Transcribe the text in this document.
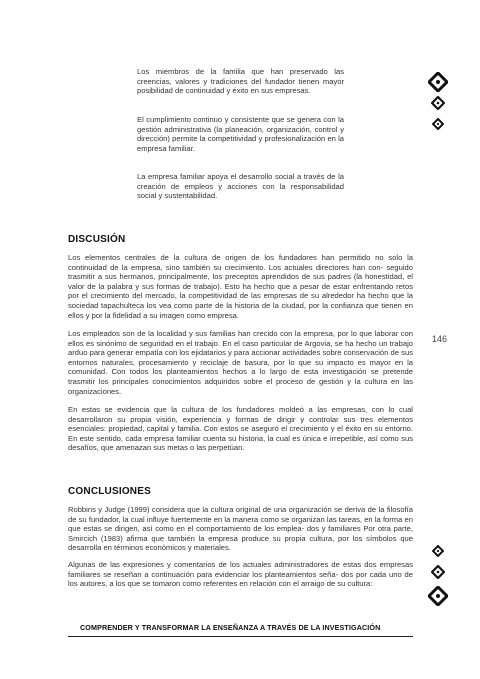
Los miembros de la familia que han preservado las creencias, valores y tradiciones del fundador tienen mayor posibilidad de continuidad y éxito en sus empresas.

El cumplimiento continuo y consistente que se genera con la gestión administrativa (la planeación, organización, control y dirección) permite la competitividad y profesionalización en la empresa familiar.

La empresa familiar apoya el desarrollo social a través de la creación de empleos y acciones con la responsabilidad social y sustentabilidad.

DISCUSIÓN

Los elementos centrales de la cultura de origen de los fundadores han permitido no solo la continuidad de la empresa, sino también su crecimiento. Los actuales directores han con- seguido trasmitir a sus hermanos, principalmente, los preceptos aprendidos de sus padres (la honestidad, el valor de la palabra y sus formas de trabajo). Esto ha hecho que a pesar de estar enfrentando retos por el crecimiento del mercado, la competitividad de las empresas de su alrededor ha hecho que la sociedad tapachulteca los vea como parte de la historia de la ciudad, por la confianza que tienen en ellos y por la fidelidad a su imagen como empresa.

Los empleados son de la localidad y sus familias han crecido con la empresa, por lo que laborar con ellos es sinónimo de seguridad en el trabajo. En el caso particular de Argovia, se ha hecho un trabajo arduo para generar empatía con los ejidatarios y para accionar actividades sobre conservación de sus entornos naturales, procesamiento y reciclaje de basura, por lo que su impacto es mayor en la comunidad. Con todos los planteamientos hechos a lo largo de esta investigación se pretende trasmitir los principales conocimientos adquiridos sobre el proceso de gestión y la cultura en las organizaciones.

En estas se evidencia que la cultura de los fundadores moldeó a las empresas, con lo cual desarrollaron su propia visión, experiencia y formas de dirigir y controlar sus tres elementos esenciales: propiedad, capital y familia. Con estos se aseguró el crecimiento y el éxito en su entorno. En este sentido, cada empresa familiar cuenta su historia, la cual es única e irrepetible, así como sus desafíos, que amenazan sus metas o las perpetúan.

146
CONCLUSIONES

Robbins y Judge (1999) considera que la cultura original de una organización se deriva de la filosofía de su fundador, la cual influye fuertemente en la manera como se organizan las tareas, en la forma en que estas se dirigen, así como en el comportamiento de los emplea- dos y familiares Por otra parte, Smircich (1983) afirma que también la empresa produce su propia cultura, por los símbolos que desarrolla en términos económicos y materiales.

Algunas de las expresiones y comentarios de los actuales administradores de estas dos empresas familiares se reseñan a continuación para evidenciar los planteamientos seña- dos por cada uno de los autores, a los que se tomaron como referentes en relación con el arraigo de su cultura:

COMPRENDER Y TRANSFORMAR LA ENSEÑANZA A TRAVÉS DE LA INVESTIGACIÓN
